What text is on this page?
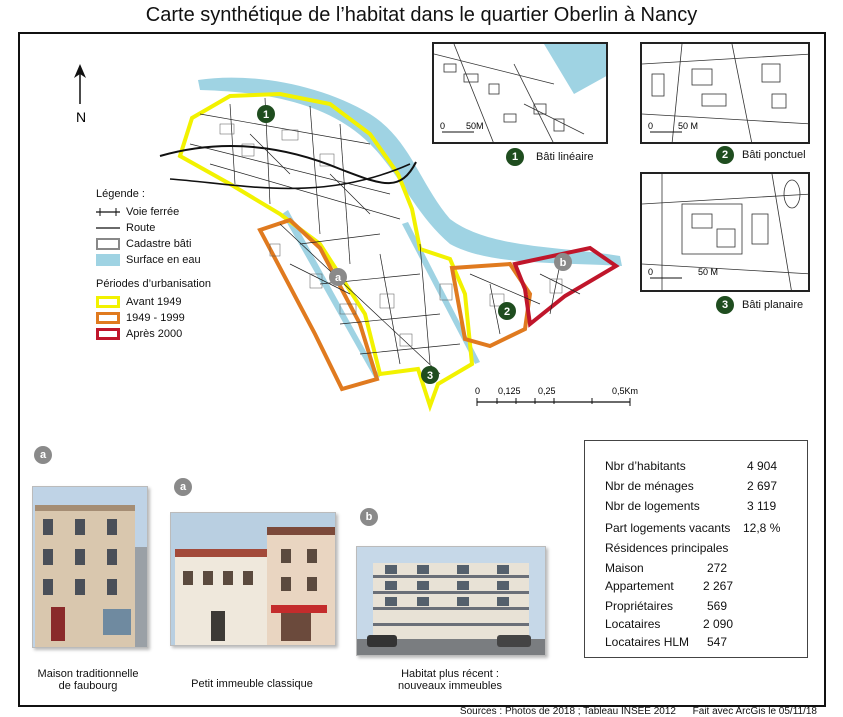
Carte synthétique de l’habitat dans le quartier Oberlin à Nancy
1
2
3
a
b
N
0 0,125 0,25	0,5Km
Légende :
Voie ferrée
Route
Cadastre bâti
Surface en eau
Périodes d’urbanisation
Avant 1949
1949 - 1999
Après 2000
0 50M
1	Bâti linéaire
0	50 M
2	Bâti ponctuel
0	50 M
3	Bâti planaire
a
Maison traditionnelle
de faubourg
a
Petit immeuble classique
b
Habitat plus récent :
nouveaux immeubles
Nbr d’habitants	4 904
Nbr de ménages	2 697
Nbr de logements	3 119
Part logements vacants 12,8 %
Résidences principales
Maison	272
Appartement 2 267
Propriétaires	569
Locataires	2 090
Locataires HLM 547
Sources : Photos de 2018 ; Tableau INSEE 2012      Fait avec ArcGis le 05/11/18
